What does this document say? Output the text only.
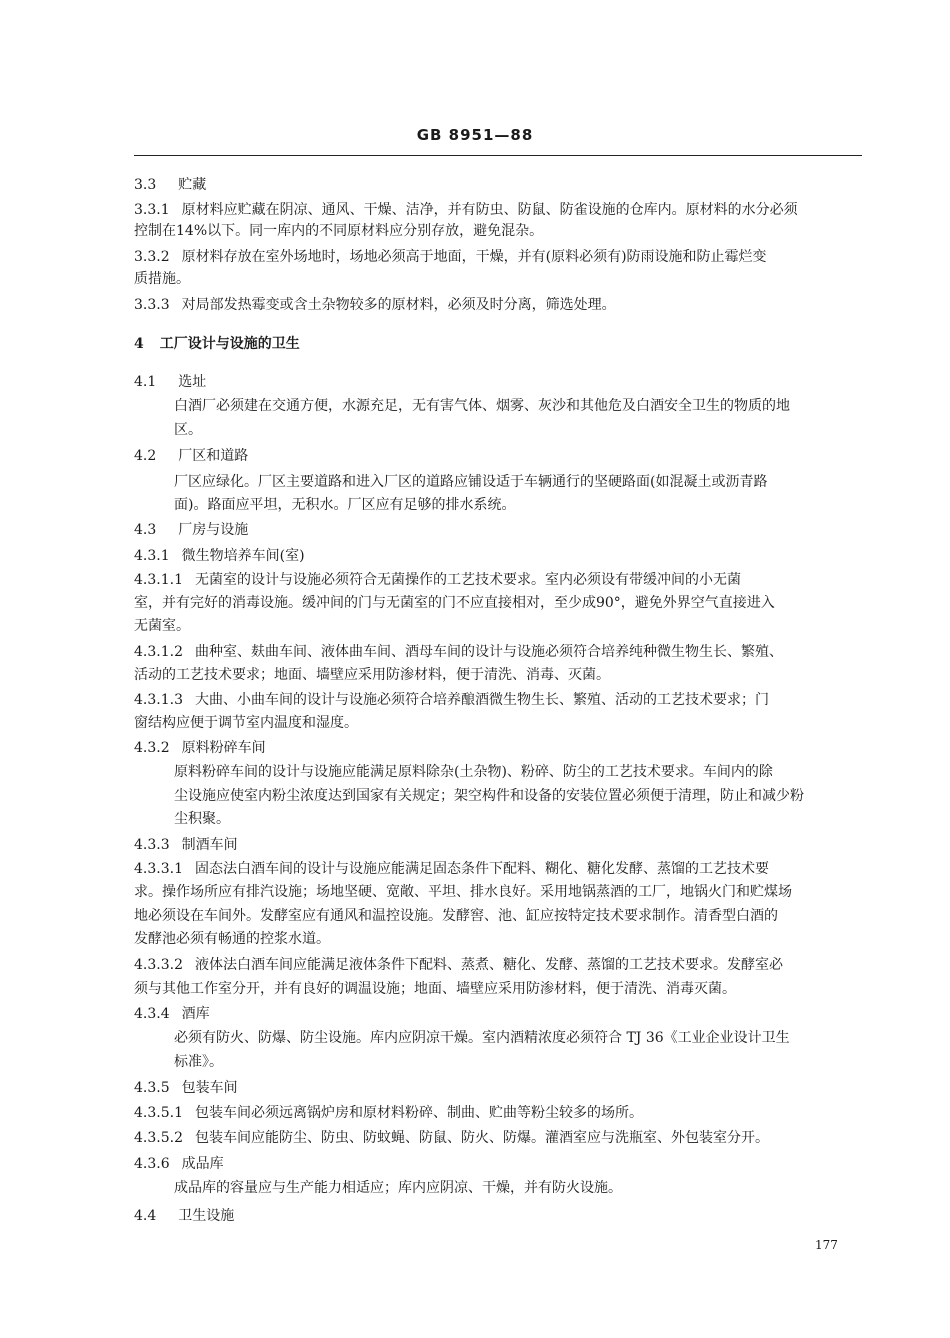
GB 8951—88
3.3 贮藏
3.3.1 原材料应贮藏在阴凉、通风、干燥、洁净，并有防虫、防鼠、防雀设施的仓库内。原材料的水分必须
控制在14%以下。同一库内的不同原材料应分别存放，避免混杂。
3.3.2 原材料存放在室外场地时，场地必须高于地面，干燥，并有(原料必须有)防雨设施和防止霉烂变
质措施。
3.3.3 对局部发热霉变或含土杂物较多的原材料，必须及时分离，筛选处理。
4 工厂设计与设施的卫生
4.1 选址
白酒厂必须建在交通方便，水源充足，无有害气体、烟雾、灰沙和其他危及白酒安全卫生的物质的地
区。
4.2 厂区和道路
厂区应绿化。厂区主要道路和进入厂区的道路应铺设适于车辆通行的坚硬路面(如混凝土或沥青路
面)。路面应平坦，无积水。厂区应有足够的排水系统。
4.3 厂房与设施
4.3.1 微生物培养车间(室)
4.3.1.1 无菌室的设计与设施必须符合无菌操作的工艺技术要求。室内必须设有带缓冲间的小无菌
室，并有完好的消毒设施。缓冲间的门与无菌室的门不应直接相对，至少成90°，避免外界空气直接进入
无菌室。
4.3.1.2 曲种室、麸曲车间、液体曲车间、酒母车间的设计与设施必须符合培养纯种微生物生长、繁殖、
活动的工艺技术要求；地面、墙壁应采用防渗材料，便于清洗、消毒、灭菌。
4.3.1.3 大曲、小曲车间的设计与设施必须符合培养酿酒微生物生长、繁殖、活动的工艺技术要求；门
窗结构应便于调节室内温度和湿度。
4.3.2 原料粉碎车间
原料粉碎车间的设计与设施应能满足原料除杂(土杂物)、粉碎、防尘的工艺技术要求。车间内的除
尘设施应使室内粉尘浓度达到国家有关规定；架空构件和设备的安装位置必须便于清理，防止和减少粉
尘积聚。
4.3.3 制酒车间
4.3.3.1 固态法白酒车间的设计与设施应能满足固态条件下配料、糊化、糖化发酵、蒸馏的工艺技术要
求。操作场所应有排汽设施；场地坚硬、宽敞、平坦、排水良好。采用地锅蒸酒的工厂，地锅火门和贮煤场
地必须设在车间外。发酵室应有通风和温控设施。发酵窖、池、缸应按特定技术要求制作。清香型白酒的
发酵池必须有畅通的控浆水道。
4.3.3.2 液体法白酒车间应能满足液体条件下配料、蒸煮、糖化、发酵、蒸馏的工艺技术要求。发酵室必
须与其他工作室分开，并有良好的调温设施；地面、墙壁应采用防渗材料，便于清洗、消毒灭菌。
4.3.4 酒库
必须有防火、防爆、防尘设施。库内应阴凉干燥。室内酒精浓度必须符合 TJ 36《工业企业设计卫生
标准》。
4.3.5 包装车间
4.3.5.1 包装车间必须远离锅炉房和原材料粉碎、制曲、贮曲等粉尘较多的场所。
4.3.5.2 包装车间应能防尘、防虫、防蚊蝇、防鼠、防火、防爆。灌酒室应与洗瓶室、外包装室分开。
4.3.6 成品库
成品库的容量应与生产能力相适应；库内应阴凉、干燥，并有防火设施。
4.4 卫生设施
177
